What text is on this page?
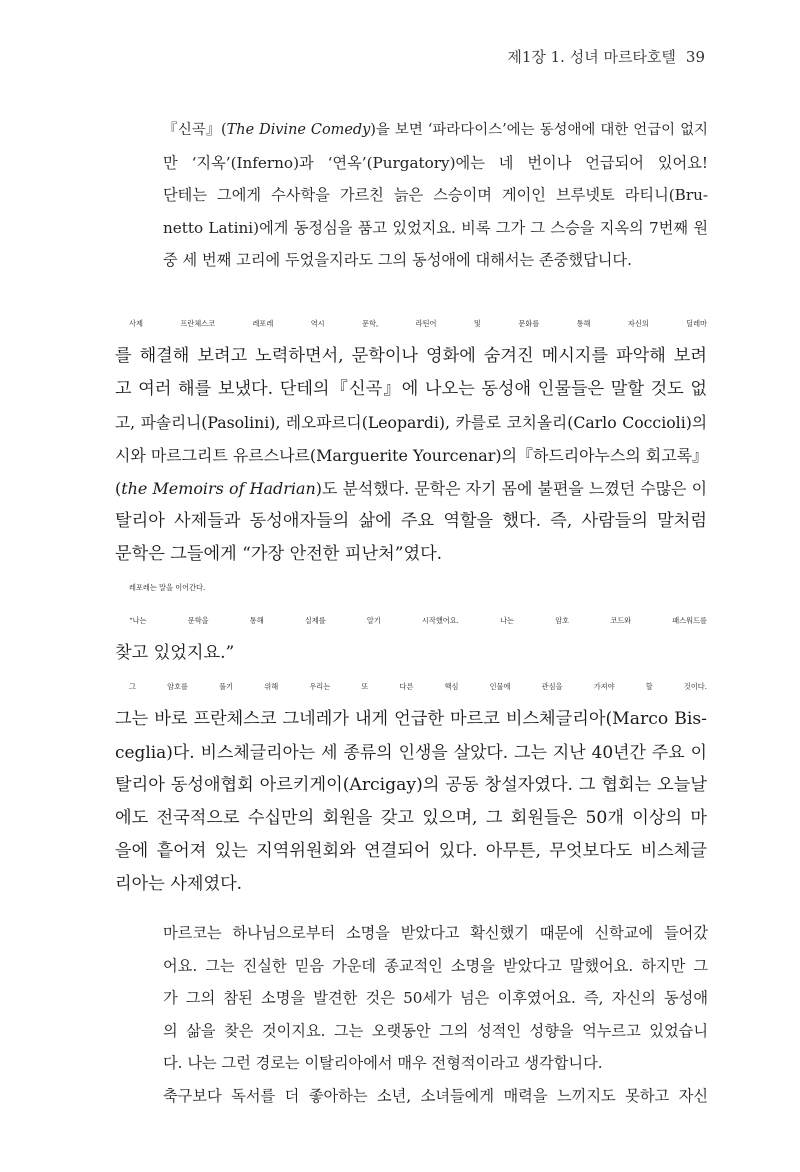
제1장 1. 성녀 마르타호텔 39
『신곡』(The Divine Comedy)을 보면 ‘파라다이스’에는 동성애에 대한 언급이 없지
만 ‘지옥’(Inferno)과 ‘연옥’(Purgatory)에는 네 번이나 언급되어 있어요!
단테는 그에게 수사학을 가르친 늙은 스승이며 게이인 브루넷토 라티니(Bru-
netto Latini)에게 동정심을 품고 있었지요. 비록 그가 그 스승을 지옥의 7번째 원
중 세 번째 고리에 두었을지라도 그의 동성애에 대해서는 존중했답니다.
사제 프란체스코 레포레 역시 문학, 라틴어 및 문화를 통해 자신의 딜레마
를 해결해 보려고 노력하면서, 문학이나 영화에 숨겨진 메시지를 파악해 보려
고 여러 해를 보냈다. 단테의『신곡』에 나오는 동성애 인물들은 말할 것도 없
고, 파솔리니(Pasolini), 레오파르디(Leopardi), 카를로 코치올리(Carlo Coccioli)의
시와 마르그리트 유르스나르(Marguerite Yourcenar)의『하드리아누스의 회고록』
(the Memoirs of Hadrian)도 분석했다. 문학은 자기 몸에 불편을 느꼈던 수많은 이
탈리아 사제들과 동성애자들의 삶에 주요 역할을 했다. 즉, 사람들의 말처럼
문학은 그들에게 “가장 안전한 피난처”였다.
레포레는 말을 이어간다.
“나는 문학을 통해 실제를 알기 시작했어요. 나는 암호 코드와 패스워드를
찾고 있었지요.”
그 암호를 풀기 위해 우리는 또 다른 핵심 인물에 관심을 가져야 할 것이다.
그는 바로 프란체스코 그네레가 내게 언급한 마르코 비스체글리아(Marco Bis-
ceglia)다. 비스체글리아는 세 종류의 인생을 살았다. 그는 지난 40년간 주요 이
탈리아 동성애협회 아르키게이(Arcigay)의 공동 창설자였다. 그 협회는 오늘날
에도 전국적으로 수십만의 회원을 갖고 있으며, 그 회원들은 50개 이상의 마
을에 흩어져 있는 지역위원회와 연결되어 있다. 아무튼, 무엇보다도 비스체글
리아는 사제였다.
마르코는 하나님으로부터 소명을 받았다고 확신했기 때문에 신학교에 들어갔
어요. 그는 진실한 믿음 가운데 종교적인 소명을 받았다고 말했어요. 하지만 그
가 그의 참된 소명을 발견한 것은 50세가 넘은 이후였어요. 즉, 자신의 동성애
의 삶을 찾은 것이지요. 그는 오랫동안 그의 성적인 성향을 억누르고 있었습니
다. 나는 그런 경로는 이탈리아에서 매우 전형적이라고 생각합니다.
축구보다 독서를 더 좋아하는 소년, 소녀들에게 매력을 느끼지도 못하고 자신
